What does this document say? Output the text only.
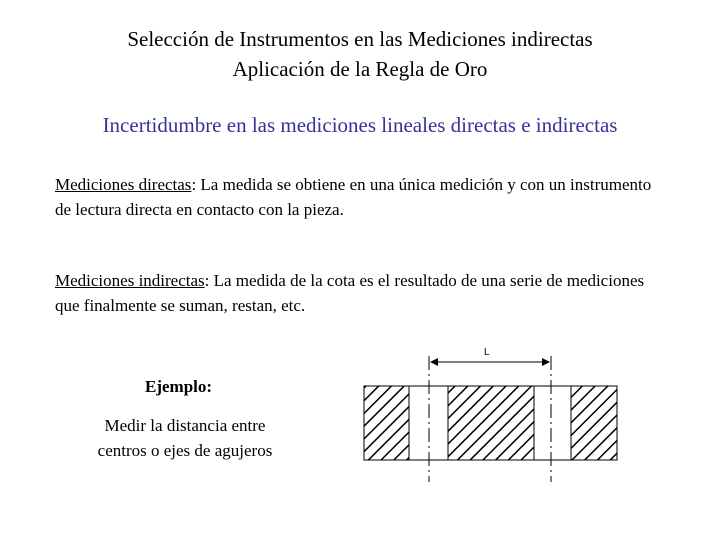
Selección de Instrumentos en las Mediciones indirectas
Aplicación de la Regla de Oro
Incertidumbre en las mediciones lineales directas e indirectas
Mediciones directas: La medida se obtiene en una única medición y con un instrumento de lectura directa en contacto con la pieza.
Mediciones indirectas: La medida de la cota es el resultado de una serie de mediciones que finalmente se suman, restan, etc.
Ejemplo:
Medir la distancia entre
centros o ejes de agujeros
L
